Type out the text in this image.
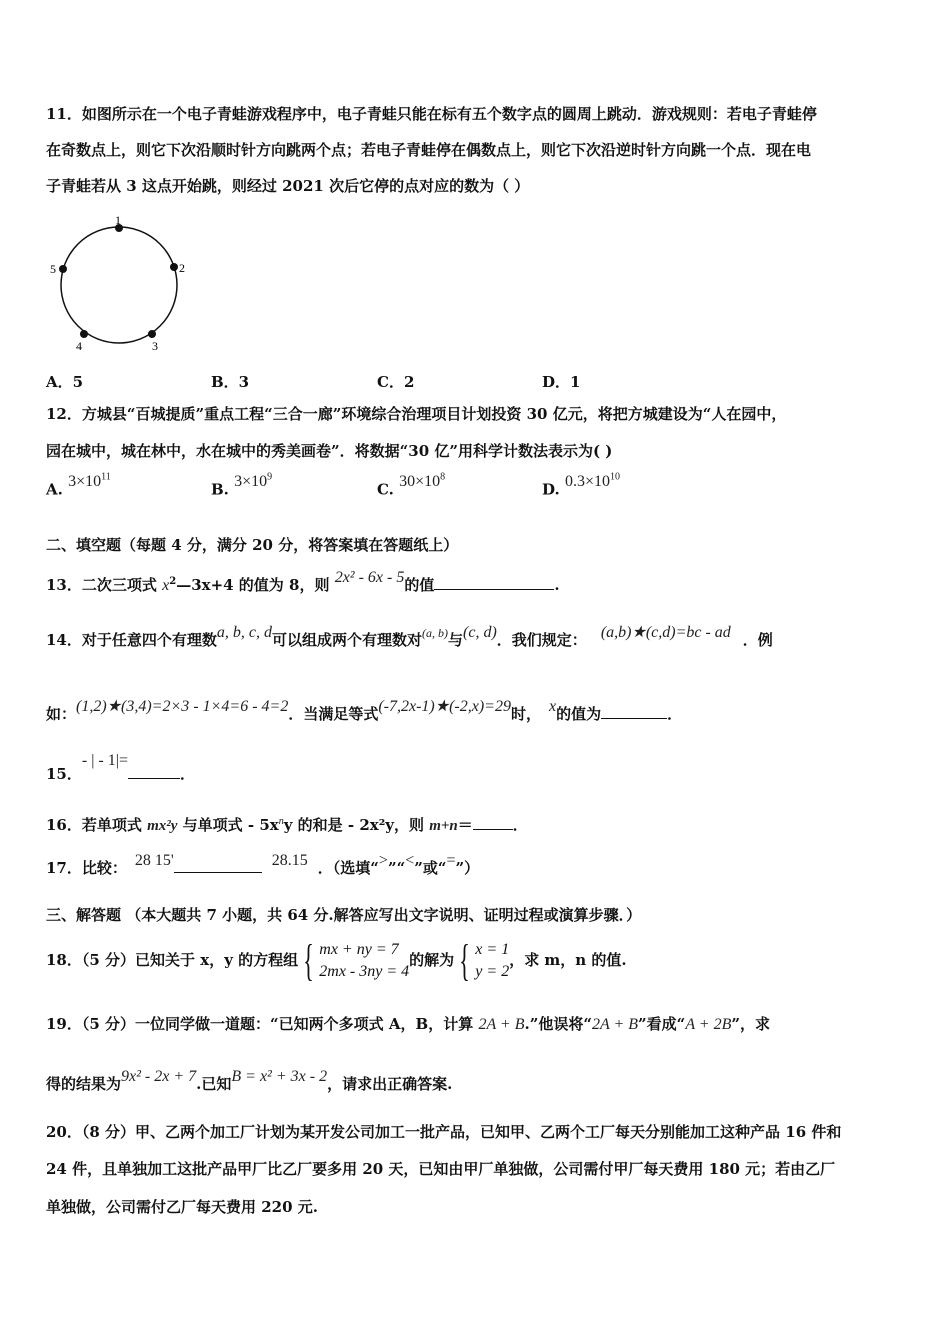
11．如图所示在一个电子青蛙游戏程序中，电子青蛙只能在标有五个数字点的圆周上跳动．游戏规则：若电子青蛙停
在奇数点上，则它下次沿顺时针方向跳两个点；若电子青蛙停在偶数点上，则它下次沿逆时针方向跳一个点．现在电
子青蛙若从 3 这点开始跳，则经过 2021 次后它停的点对应的数为（ ）
1
2
3
4
5
A．5	B．3	C．2	D．1
12．方城县“百城提质”重点工程“三合一廊”环境综合治理项目计划投资 30 亿元，将把方城建设为“人在园中，
园在城中，城在林中，水在城中的秀美画卷”．将数据“30 亿”用科学计数法表示为( )
A. $3\times 10^{11}$
B. $3\times 10^9$
C. $30\times 10^8$
D. $0.3\times 10^{10}$
二、填空题（每题 4 分，满分 20 分，将答案填在答题纸上）
13．二次三项式 $x^2—3x+4$ 的值为 8，则 2x² - 6x - 5的值	.
14．对于任意四个有理数a, b, c, d可以组成两个有理数对$^{(a, b)}$与(c, d)．我们规定： (a,b)★(c,d)=bc - ad ．例
如：(1,2)★(3,4)=2×3 - 1×4=6 - 4=2．当满足等式(-7,2x-1)★(-2,x)=29时， x的值为	．
15．- | - 1|=．
16．若单项式 mx²y 与单项式 - $5x^ny$ 的和是 - 2x²y，则 m+n＝	．
17．比较： 28 15'	28.15 ．（选填“>”“<”或“=”）
三、解答题 （本大题共 7 小题，共 64 分.解答应写出文字说明、证明过程或演算步骤．）
18．（5 分）已知关于 x，y 的方程组 { mx + ny = 7
2mx - 3ny = 4的解为 { x = 1
y = 2，求 m，n 的值.
19．（5 分）一位同学做一道题：“已知两个多项式 A，B，计算 2A + B.”他误将“2A + B”看成“A + 2B”，求
得的结果为9x² - 2x + 7.已知B = x² + 3x - 2，请求出正确答案.
20．（8 分）甲、乙两个加工厂计划为某开发公司加工一批产品，已知甲、乙两个工厂每天分别能加工这种产品 16 件和
24 件，且单独加工这批产品甲厂比乙厂要多用 20 天，已知由甲厂单独做，公司需付甲厂每天费用 180 元；若由乙厂
单独做，公司需付乙厂每天费用 220 元.
